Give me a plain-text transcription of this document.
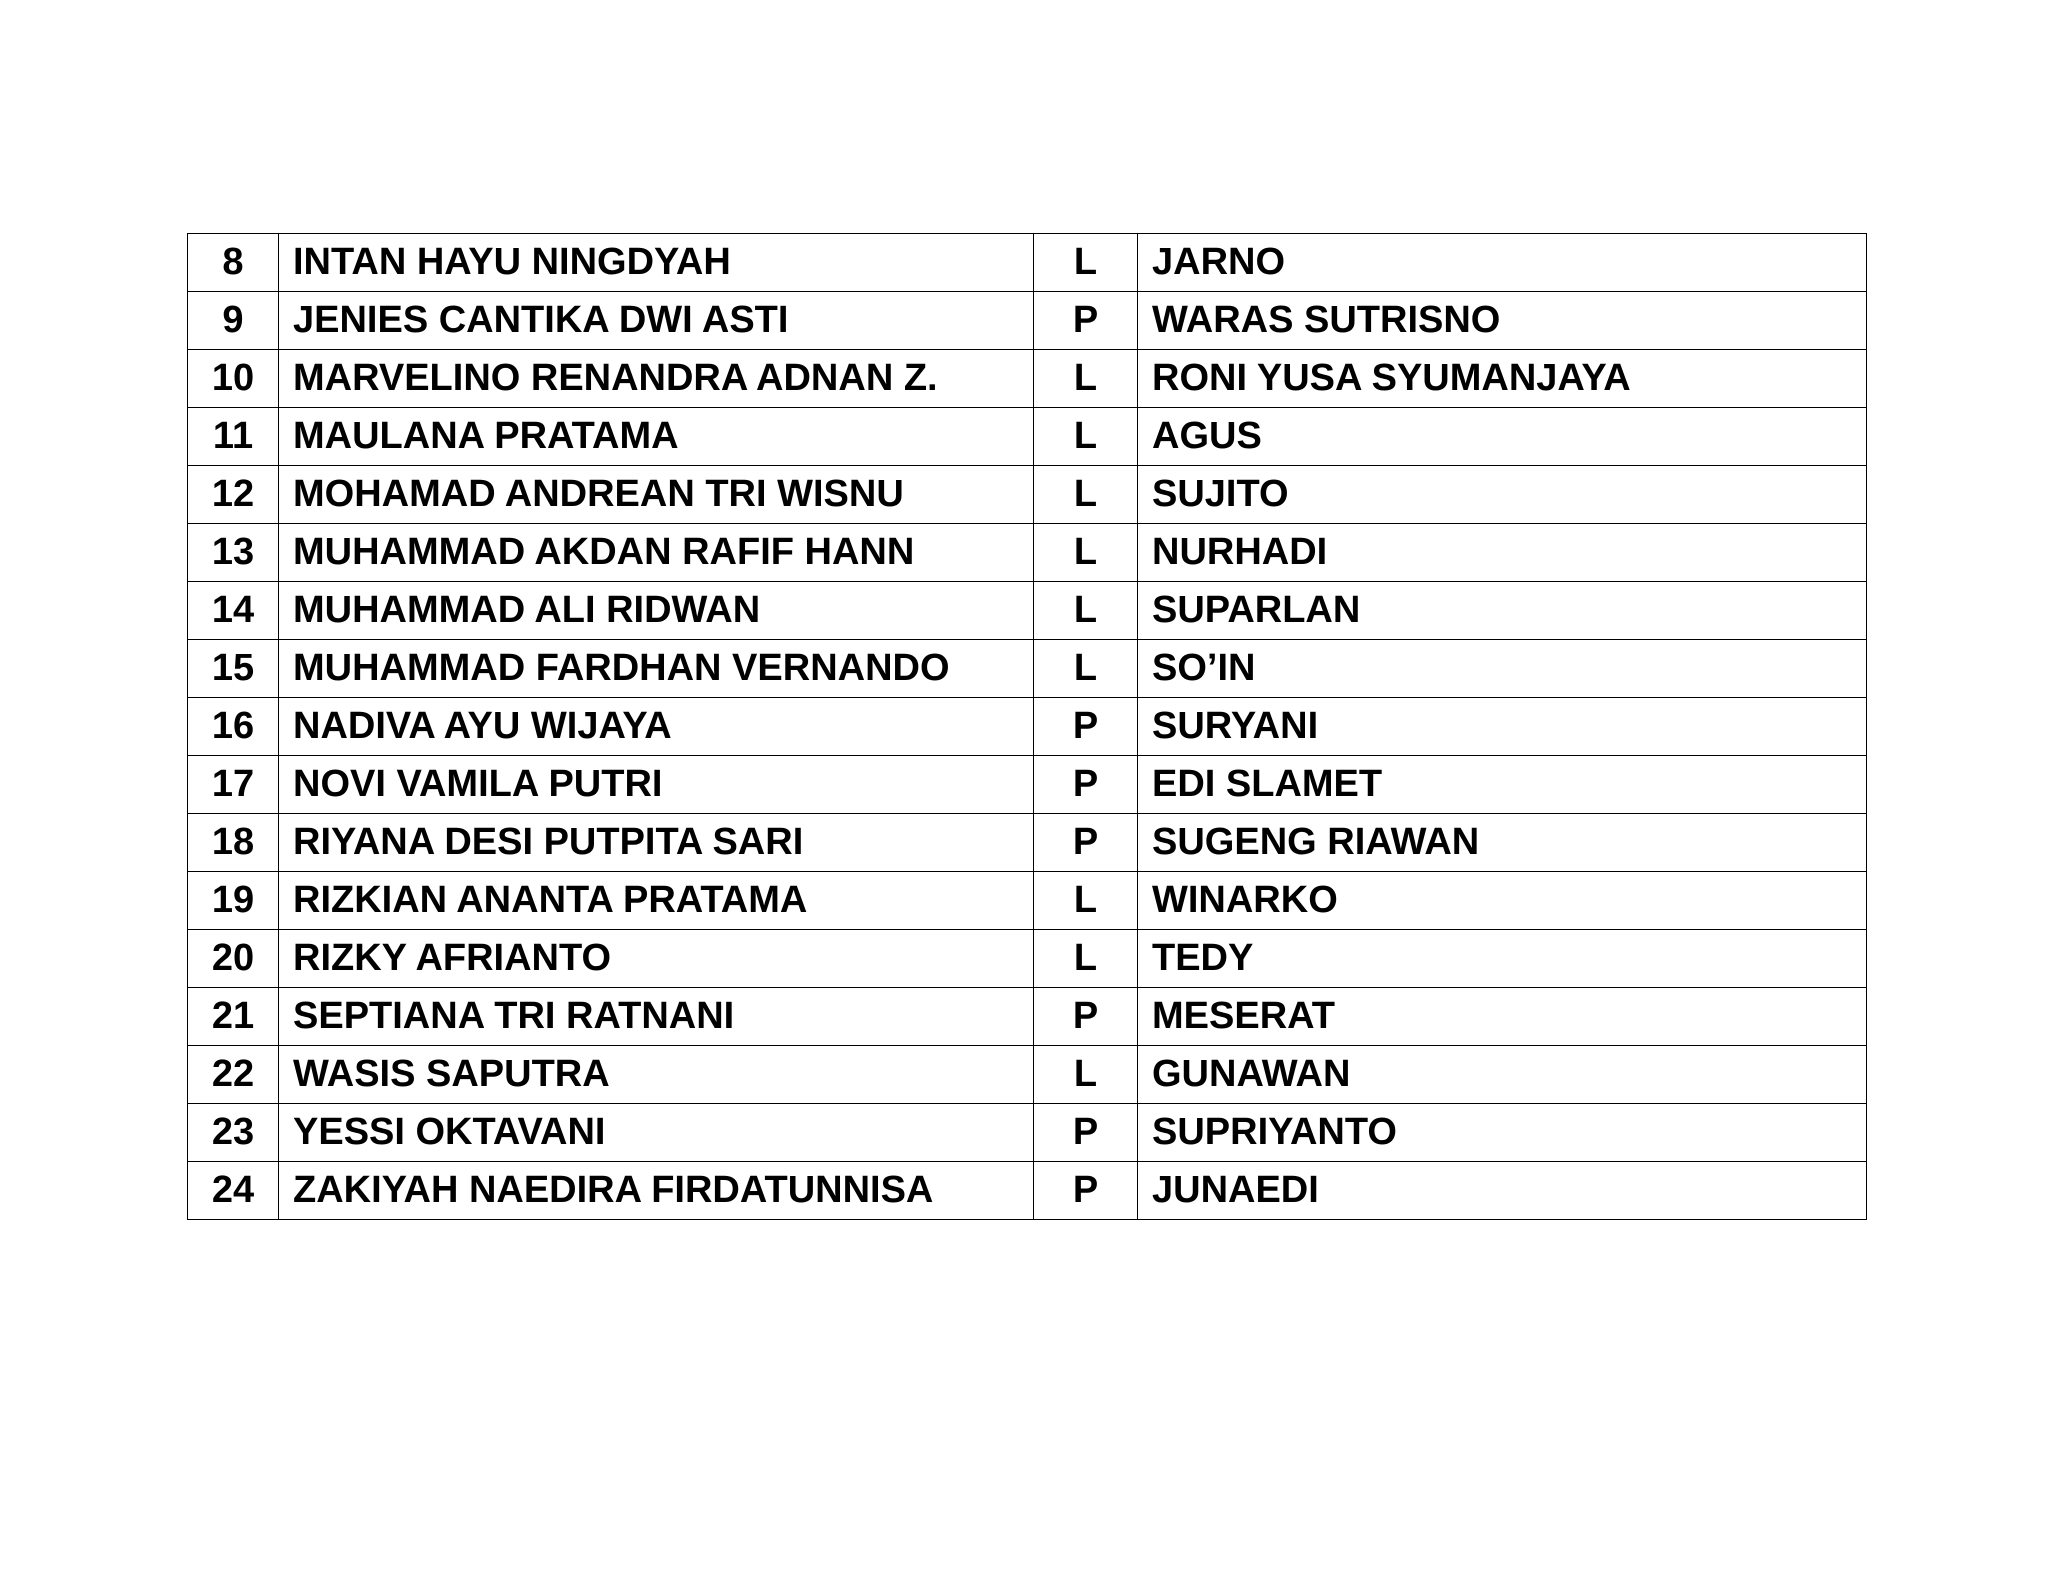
8	INTAN HAYU NINGDYAH	L	JARNO
9	JENIES CANTIKA DWI ASTI	P	WARAS SUTRISNO
10	MARVELINO RENANDRA ADNAN Z.	L	RONI YUSA SYUMANJAYA
11	MAULANA PRATAMA	L	AGUS
12	MOHAMAD ANDREAN TRI WISNU	L	SUJITO
13	MUHAMMAD AKDAN RAFIF HANN	L	NURHADI
14	MUHAMMAD ALI RIDWAN	L	SUPARLAN
15	MUHAMMAD FARDHAN VERNANDO	L	SO’IN
16	NADIVA AYU WIJAYA	P	SURYANI
17	NOVI VAMILA PUTRI	P	EDI SLAMET
18	RIYANA DESI PUTPITA SARI	P	SUGENG RIAWAN
19	RIZKIAN ANANTA PRATAMA	L	WINARKO
20	RIZKY AFRIANTO	L	TEDY
21	SEPTIANA TRI RATNANI	P	MESERAT
22	WASIS SAPUTRA	L	GUNAWAN
23	YESSI OKTAVANI	P	SUPRIYANTO
24	ZAKIYAH NAEDIRA FIRDATUNNISA	P	JUNAEDI
